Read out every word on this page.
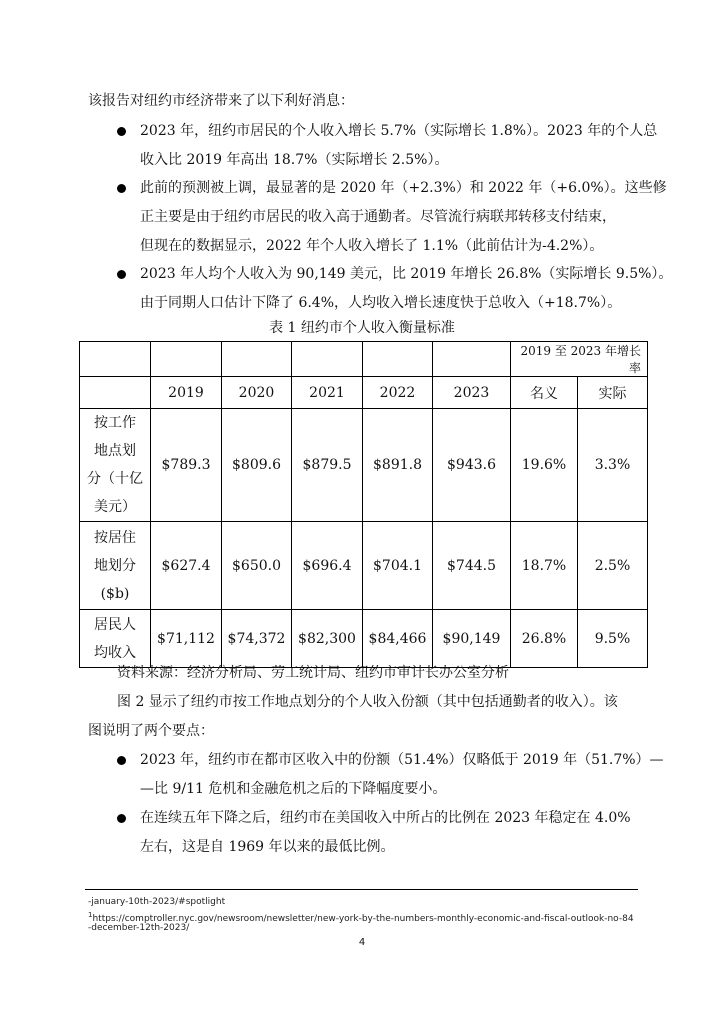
该报告对纽约市经济带来了以下利好消息：
2023 年，纽约市居民的个人收入增长 5.7%（实际增长 1.8%）。2023 年的个人总
收入比 2019 年高出 18.7%（实际增长 2.5%）。
此前的预测被上调，最显著的是 2020 年（+2.3%）和 2022 年（+6.0%）。这些修
正主要是由于纽约市居民的收入高于通勤者。尽管流行病联邦转移支付结束，
但现在的数据显示，2022 年个人收入增长了 1.1%（此前估计为-4.2%）。
2023 年人均个人收入为 90,149 美元，比 2019 年增长 26.8%（实际增长 9.5%）。
由于同期人口估计下降了 6.4%，人均收入增长速度快于总收入（+18.7%）。
表 1 纽约市个人收入衡量标准
						2019 至 2023 年增长率	
	2019	2020	2021	2022	2023	名义	实际

按工作
地点划
分（十亿
美元）	$789.3	$809.6	$879.5	$891.8	$943.6	19.6%	3.3%

按居住
地划分
($b)	$627.4	$650.0	$696.4	$704.1	$744.5	18.7%	2.5%

居民人
均收入	$71,112	$74,372	$82,300	$84,466	$90,149	26.8%	9.5%
资料来源：经济分析局、劳工统计局、纽约市审计长办公室分析
图 2 显示了纽约市按工作地点划分的个人收入份额（其中包括通勤者的收入）。该
图说明了两个要点：
2023 年，纽约市在都市区收入中的份额（51.4%）仅略低于 2019 年（51.7%）—
—比 9/11 危机和金融危机之后的下降幅度要小。
在连续五年下降之后，纽约市在美国收入中所占的比例在 2023 年稳定在 4.0%
左右，这是自 1969 年以来的最低比例。
-january-10th-2023/#spotlight
$^1$https://comptroller.nyc.gov/newsroom/newsletter/new-york-by-the-numbers-monthly-economic-and-fiscal-outlook-no-84
-december-12th-2023/
4
